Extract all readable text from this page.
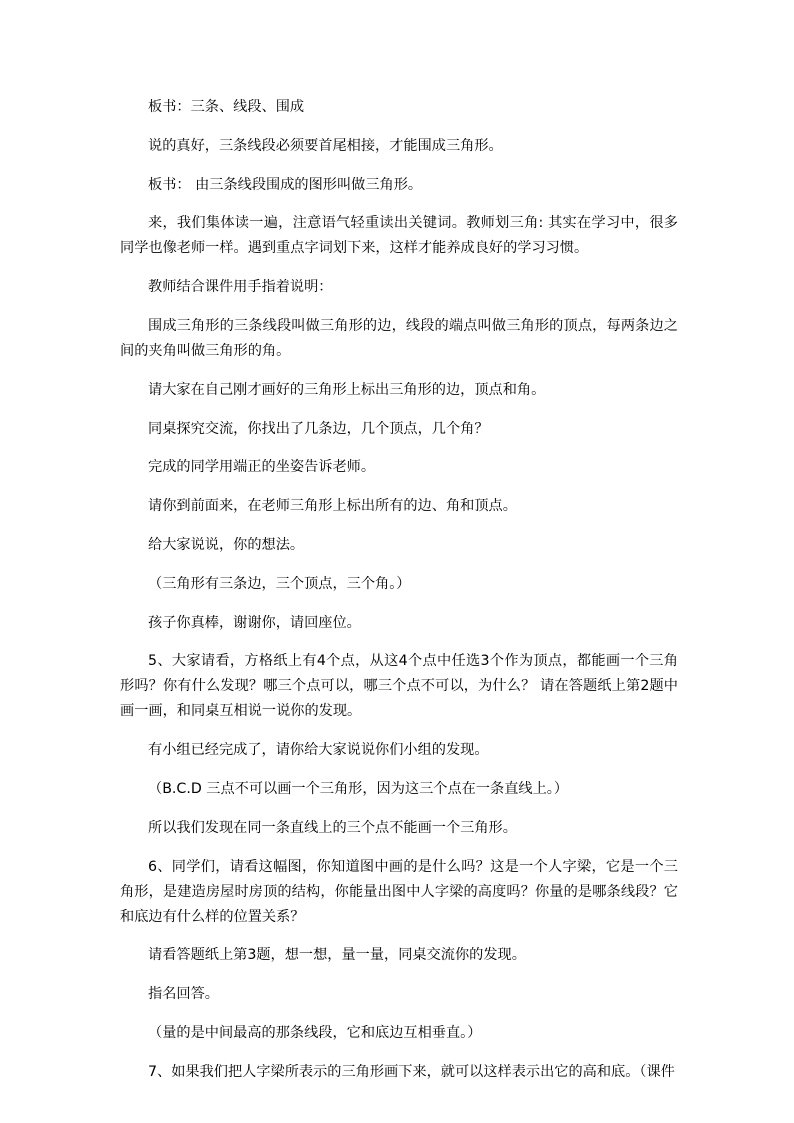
板书：三条、线段、围成

说的真好，三条线段必须要首尾相接，才能围成三角形。

板书： 由三条线段围成的图形叫做三角形。

来，我们集体读一遍，注意语气轻重读出关键词。教师划三角: 其实在学习中，很多同学也像老师一样。遇到重点字词划下来，这样才能养成良好的学习习惯。

教师结合课件用手指着说明：

围成三角形的三条线段叫做三角形的边，线段的端点叫做三角形的顶点，每两条边之间的夹角叫做三角形的角。

请大家在自己刚才画好的三角形上标出三角形的边，顶点和角。

同桌探究交流，你找出了几条边，几个顶点，几个角？

完成的同学用端正的坐姿告诉老师。

请你到前面来，在老师三角形上标出所有的边、角和顶点。

给大家说说，你的想法。

（三角形有三条边，三个顶点，三个角。）

孩子你真棒，谢谢你，请回座位。

5、大家请看，方格纸上有4个点，从这4个点中任选3个作为顶点，都能画一个三角形吗？你有什么发现？哪三个点可以，哪三个点不可以，为什么？ 请在答题纸上第2题中画一画，和同桌互相说一说你的发现。

有小组已经完成了，请你给大家说说你们小组的发现。

（B.C.D 三点不可以画一个三角形，因为这三个点在一条直线上。）

所以我们发现在同一条直线上的三个点不能画一个三角形。

6、同学们，请看这幅图，你知道图中画的是什么吗？这是一个人字梁，它是一个三角形，是建造房屋时房顶的结构，你能量出图中人字梁的高度吗？你量的是哪条线段？它和底边有什么样的位置关系？

请看答题纸上第3题，想一想，量一量，同桌交流你的发现。

指名回答。

（量的是中间最高的那条线段，它和底边互相垂直。）

7、如果我们把人字梁所表示的三角形画下来，就可以这样表示出它的高和底。（课件
